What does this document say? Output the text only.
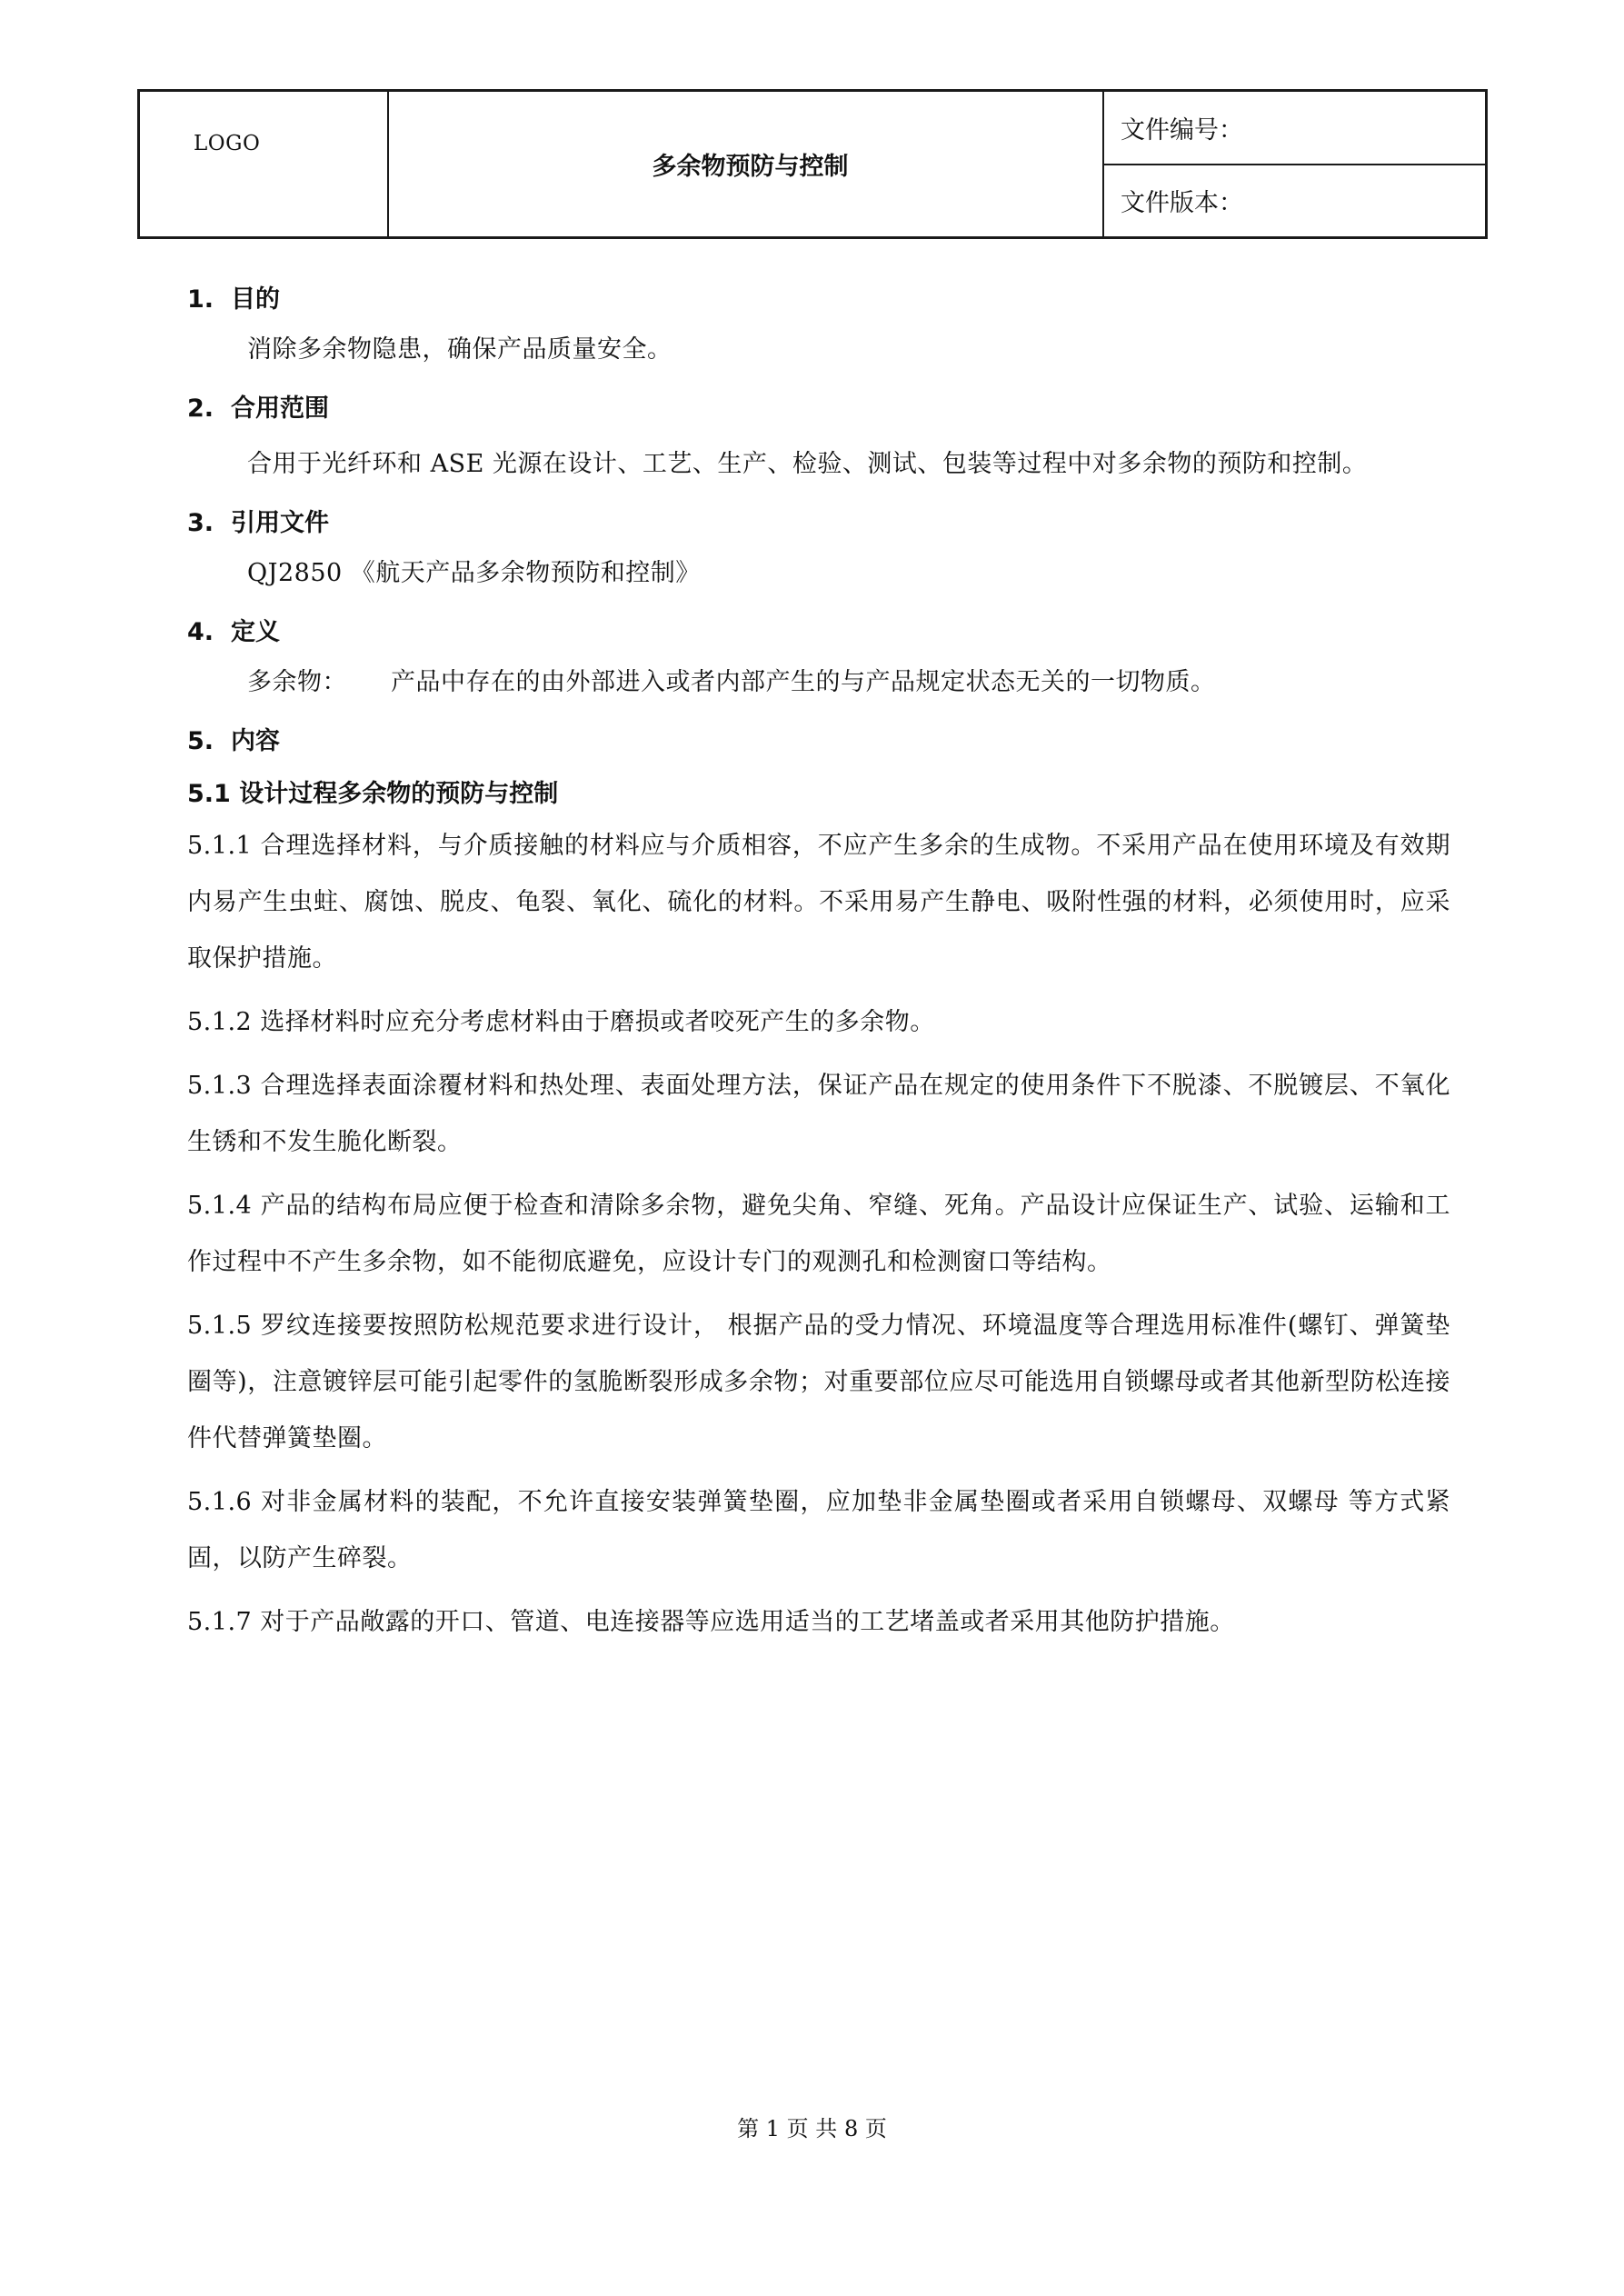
LOGO
多余物预防与控制
文件编号：
文件版本：
1. 目的

消除多余物隐患，确保产品质量安全。

2. 合用范围

合用于光纤环和 ASE 光源在设计、工艺、生产、检验、测试、包装等过程中对多余物的预防和控制。

3. 引用文件

QJ2850 《航天产品多余物预防和控制》

4. 定义

多余物： 产品中存在的由外部进入或者内部产生的与产品规定状态无关的一切物质。

5. 内容
5.1 设计过程多余物的预防与控制

5.1.1 合理选择材料，与介质接触的材料应与介质相容，不应产生多余的生成物。不采用产品在使用环境及有效期内易产生虫蛀、腐蚀、脱皮、龟裂、氧化、硫化的材料。不采用易产生静电、吸附性强的材料，必须使用时，应采取保护措施。

5.1.2 选择材料时应充分考虑材料由于磨损或者咬死产生的多余物。

5.1.3 合理选择表面涂覆材料和热处理、表面处理方法，保证产品在规定的使用条件下不脱漆、不脱镀层、不氧化生锈和不发生脆化断裂。

5.1.4 产品的结构布局应便于检查和清除多余物，避免尖角、窄缝、死角。产品设计应保证生产、试验、运输和工作过程中不产生多余物，如不能彻底避免，应设计专门的观测孔和检测窗口等结构。

5.1.5 罗纹连接要按照防松规范要求进行设计， 根据产品的受力情况、环境温度等合理选用标准件(螺钉、弹簧垫圈等)，注意镀锌层可能引起零件的氢脆断裂形成多余物；对重要部位应尽可能选用自锁螺母或者其他新型防松连接件代替弹簧垫圈。

5.1.6 对非金属材料的装配，不允许直接安装弹簧垫圈，应加垫非金属垫圈或者采用自锁螺母、双螺母 等方式紧固，以防产生碎裂。

5.1.7 对于产品敞露的开口、管道、电连接器等应选用适当的工艺堵盖或者采用其他防护措施。

第 1 页 共 8 页
